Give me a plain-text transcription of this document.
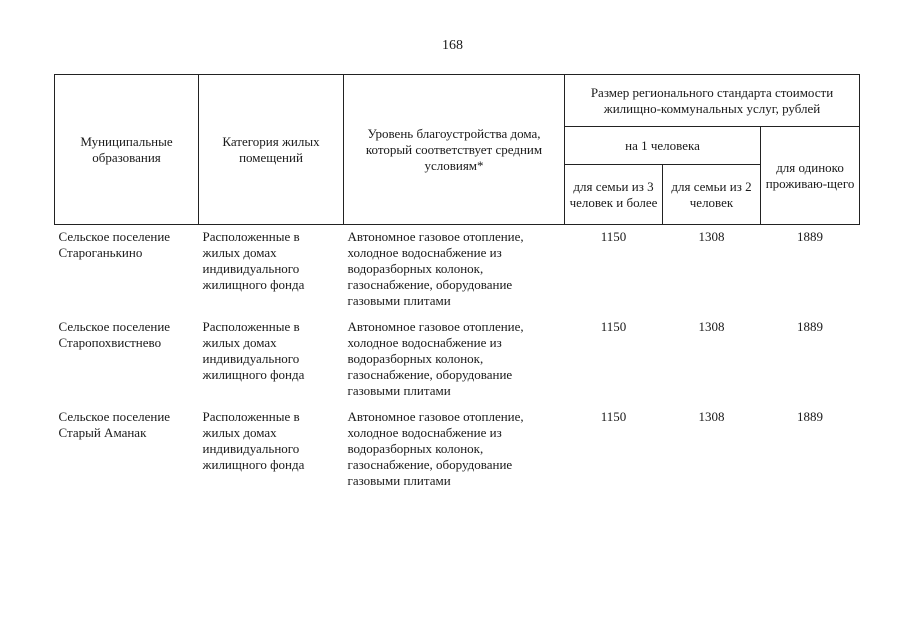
168
Муниципальные образования	Категория жилых помещений	Уровень благоустройства дома, который соответствует средним условиям*	Размер регионального стандарта стоимости жилищно-коммунальных услуг, рублей		
			на 1 человека		для одиноко проживаю-щего
			для семьи из 3 человек и более	для семьи из 2 человек	
Сельское поселение Староганькино	Расположенные в жилых домах индивидуального жилищного фонда	Автономное газовое отопление, холодное водоснабжение из водоразборных колонок, газоснабжение, оборудование газовыми плитами	1150	1308	1889
Сельское поселение Старопохвистнево	Расположенные в жилых домах индивидуального жилищного фонда	Автономное газовое отопление, холодное водоснабжение из водоразборных колонок, газоснабжение, оборудование газовыми плитами	1150	1308	1889
Сельское поселение Старый Аманак	Расположенные в жилых домах индивидуального жилищного фонда	Автономное газовое отопление, холодное водоснабжение из водоразборных колонок, газоснабжение, оборудование газовыми плитами	1150	1308	1889
